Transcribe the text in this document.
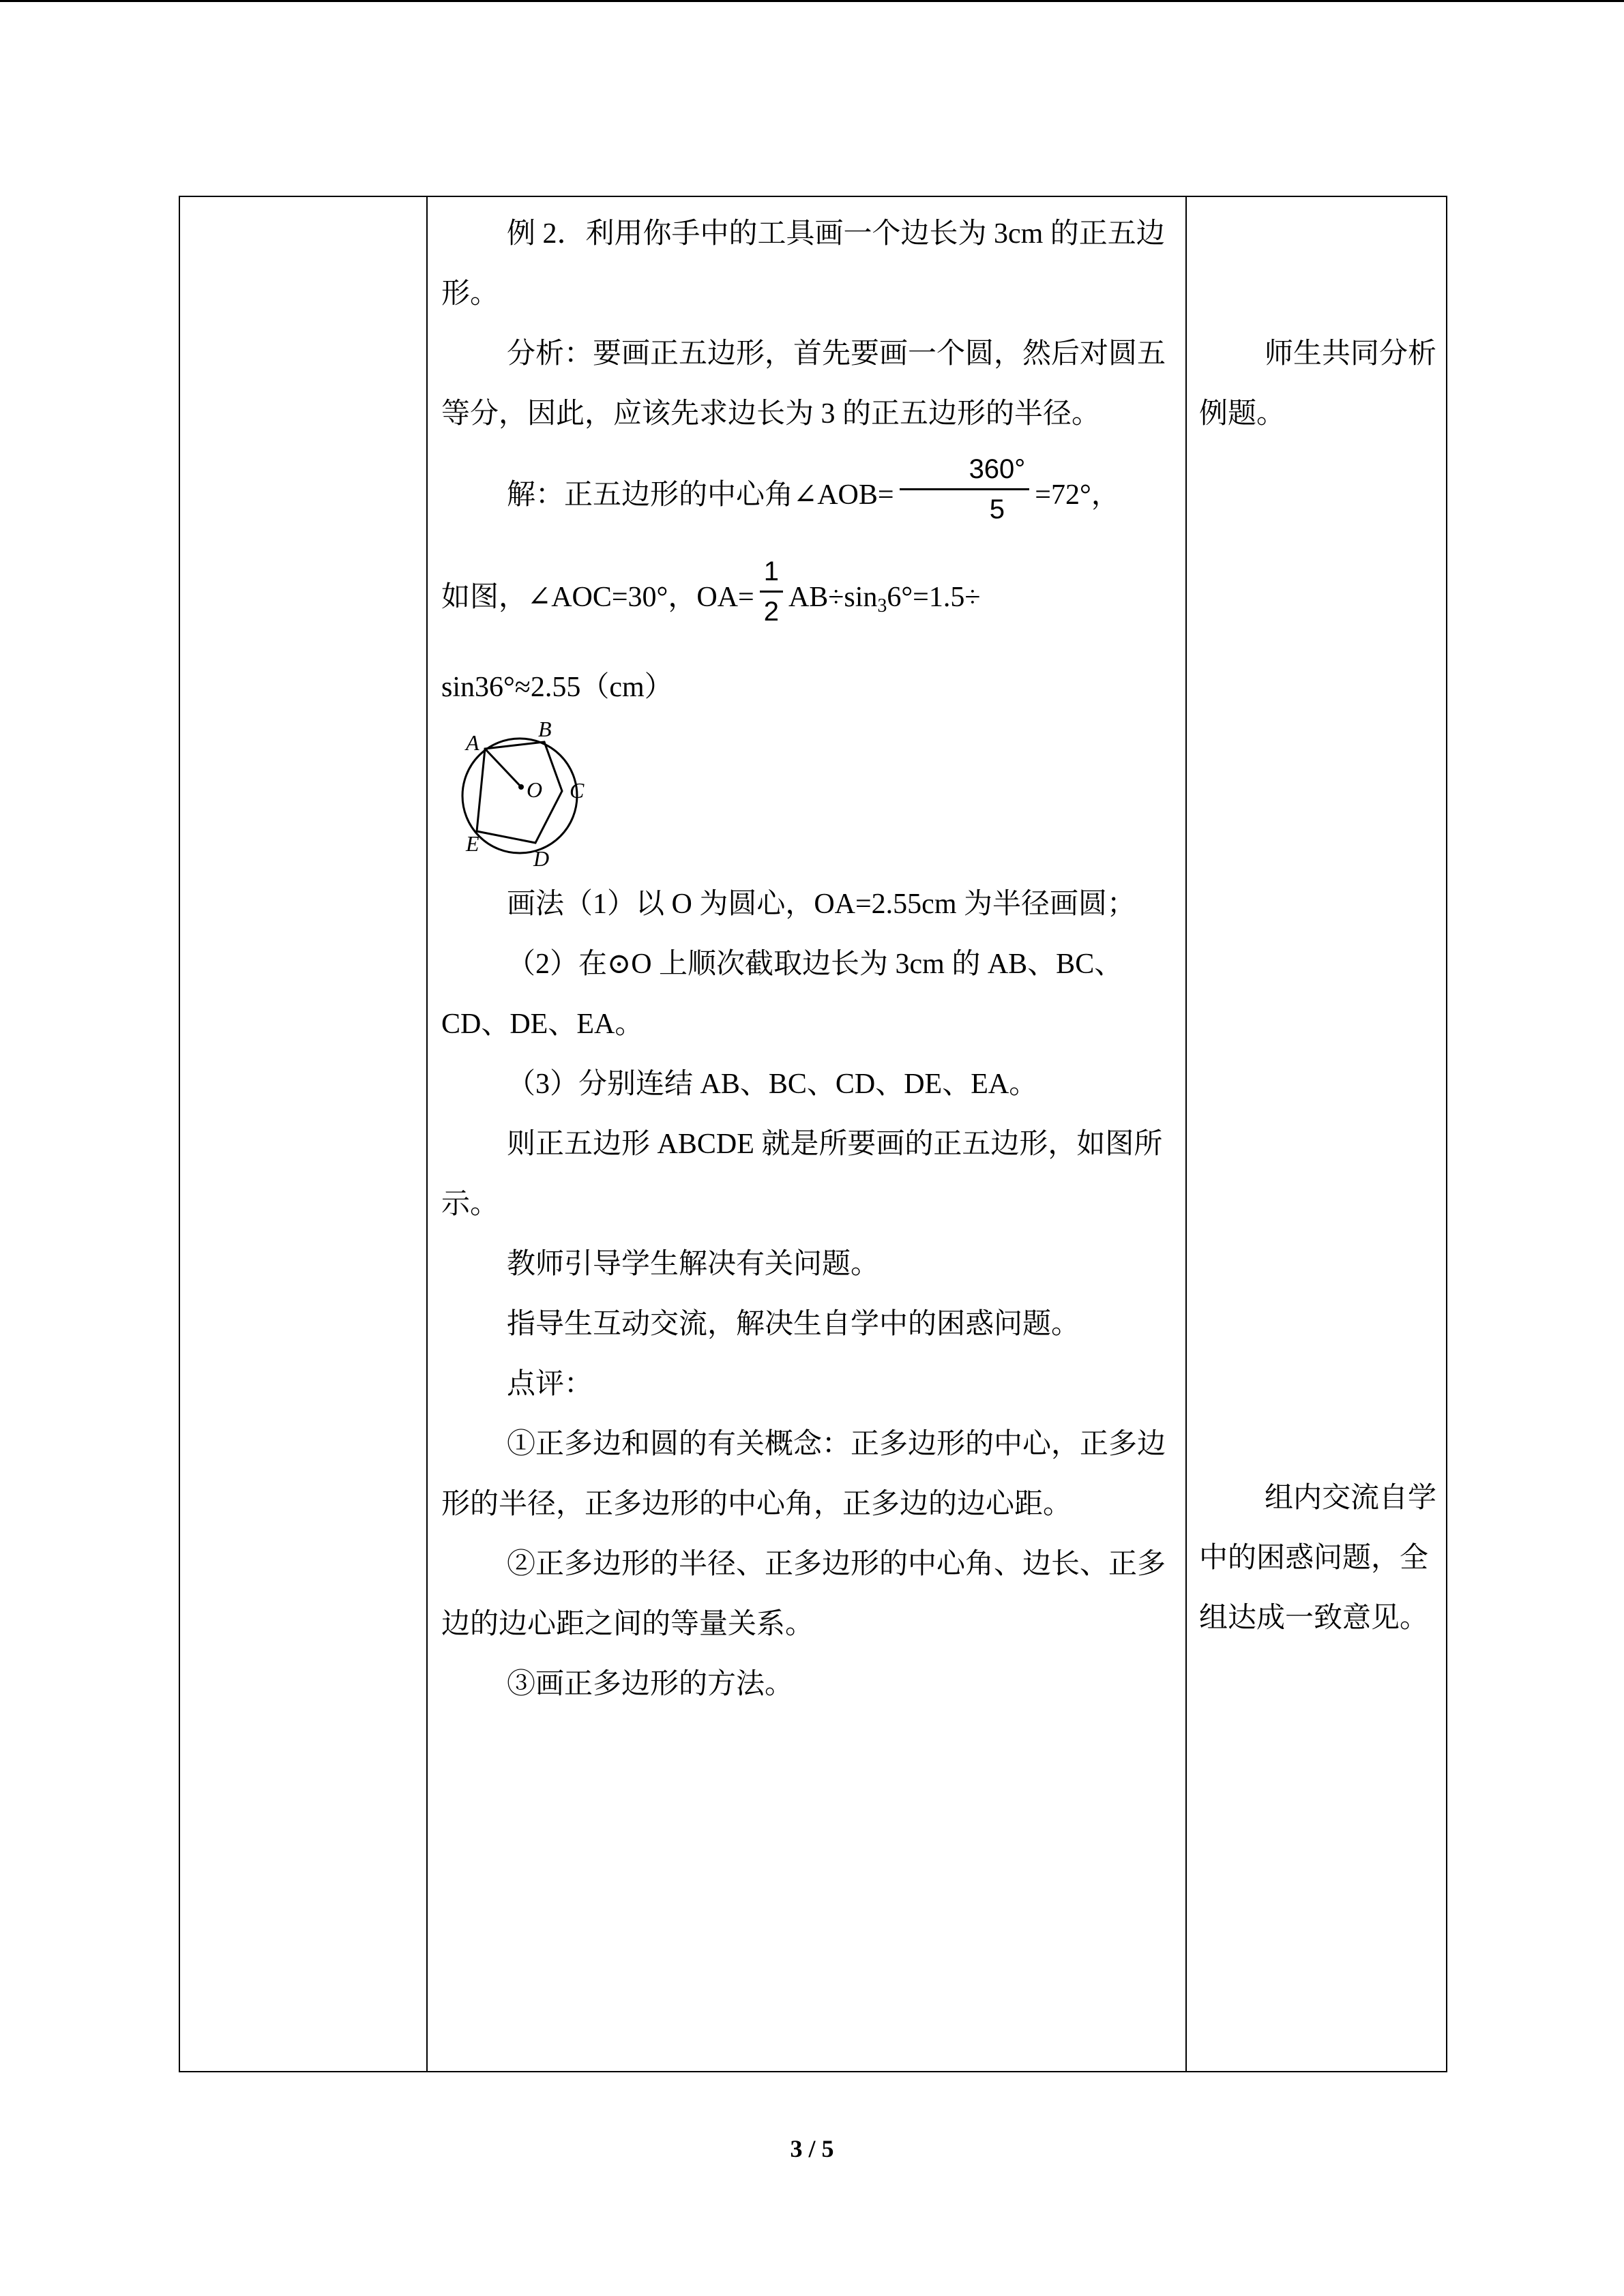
例 2．利用你手中的工具画一个边长为 3cm 的正五边形。

分析：要画正五边形，首先要画一个圆，然后对圆五等分，因此，应该先求边长为 3 的正五边形的半径。

解：正五边形的中心角∠AOB= $\frac{360^\circ}{5} =72^\circ$，

如图，∠AOC=30°，$OA= \frac{1}{2} AB\div\sin_36^\circ=1.5\div$

sin36°≈2.55（cm）

A
B
C
D
E
O

画法（1）以 O 为圆心，OA=2.55cm 为半径画圆；

（2）在⊙O 上顺次截取边长为 3cm 的 AB、BC、CD、DE、EA。

（3）分别连结 AB、BC、CD、DE、EA。

则正五边形 ABCDE 就是所要画的正五边形，如图所示。

教师引导学生解决有关问题。

指导生互动交流，解决生自学中的困惑问题。

点评：

①正多边和圆的有关概念：正多边形的中心，正多边形的半径，正多边形的中心角，正多边的边心距。

②正多边形的半径、正多边形的中心角、边长、正多边的边心距之间的等量关系。

③画正多边形的方法。

师生共同分析例题。

组内交流自学中的困惑问题，全组达成一致意见。

3 / 5
